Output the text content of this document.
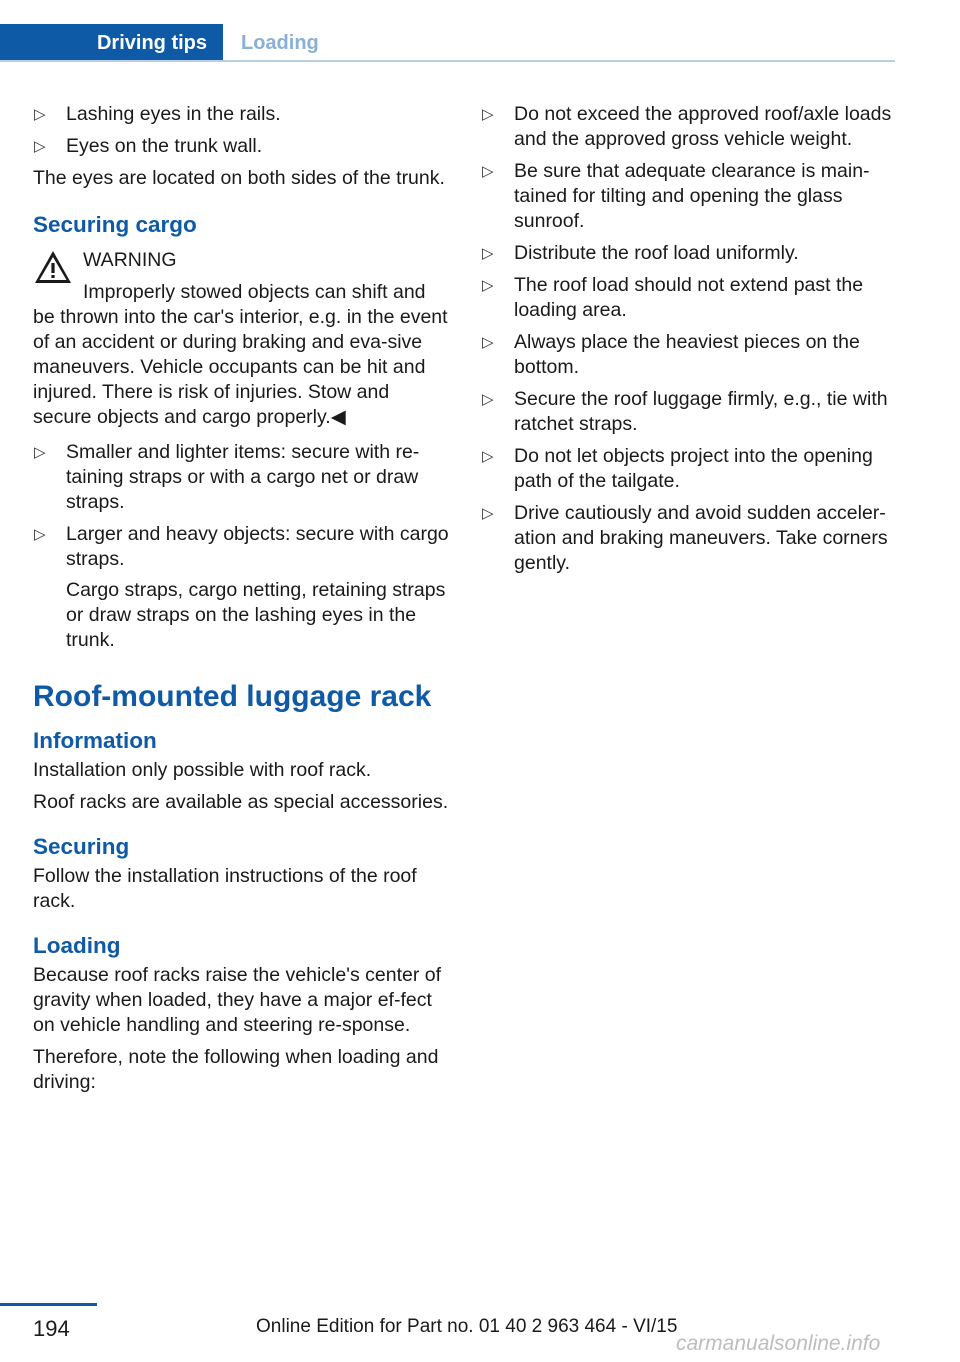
Driving tips	Loading
▷ Lashing eyes in the rails.
▷ Eyes on the trunk wall.

The eyes are located on both sides of the trunk.

Securing cargo
WARNING

Improperly stowed objects can shift and be thrown into the car's interior, e.g. in the event of an accident or during braking and eva-sive maneuvers. Vehicle occupants can be hit and injured. There is risk of injuries. Stow and secure objects and cargo properly.◀

▷ Smaller and lighter items: secure with re-taining straps or with a cargo net or draw straps.
▷ Larger and heavy objects: secure with cargo straps.

Cargo straps, cargo netting, retaining straps or draw straps on the lashing eyes in the trunk.

Roof-mounted luggage rack
Information

Installation only possible with roof rack.

Roof racks are available as special accessories.

Securing

Follow the installation instructions of the roof rack.

Loading

Because roof racks raise the vehicle's center of gravity when loaded, they have a major ef-fect on vehicle handling and steering re-sponse.

Therefore, note the following when loading and driving:

▷ Do not exceed the approved roof/axle loads and the approved gross vehicle weight.
▷ Be sure that adequate clearance is main-tained for tilting and opening the glass sunroof.
▷ Distribute the roof load uniformly.
▷ The roof load should not extend past the loading area.
▷ Always place the heaviest pieces on the bottom.
▷ Secure the roof luggage firmly, e.g., tie with ratchet straps.
▷ Do not let objects project into the opening path of the tailgate.
▷ Drive cautiously and avoid sudden acceler-ation and braking maneuvers. Take corners gently.
194	Online Edition for Part no. 01 40 2 963 464 - VI/15
carmanualsonline.info
